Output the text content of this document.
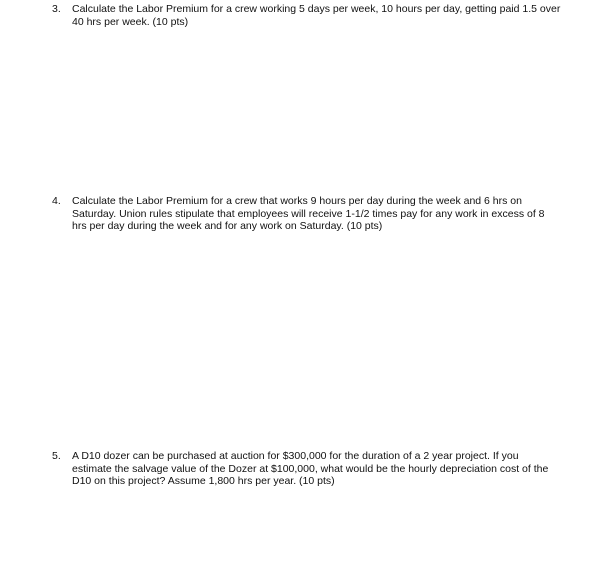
3.	Calculate the Labor Premium for a crew working 5 days per week, 10 hours per day, getting paid 1.5 over
40 hrs per week. (10 pts)
4.	Calculate the Labor Premium for a crew that works 9 hours per day during the week and 6 hrs on
Saturday. Union rules stipulate that employees will receive 1-1/2 times pay for any work in excess of 8
hrs per day during the week and for any work on Saturday. (10 pts)
5.	A D10 dozer can be purchased at auction for $300,000 for the duration of a 2 year project. If you
estimate the salvage value of the Dozer at $100,000, what would be the hourly depreciation cost of the
D10 on this project? Assume 1,800 hrs per year. (10 pts)
